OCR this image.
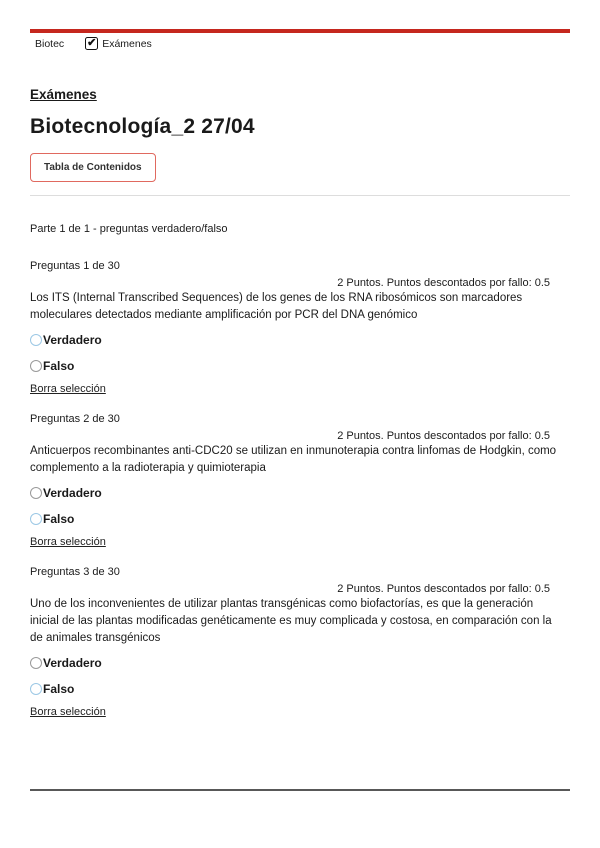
Biotec ✔ Exámenes
Exámenes
Biotecnología_2 27/04
Tabla de Contenidos
Parte 1 de 1 - preguntas verdadero/falso
Preguntas 1 de 30
2 Puntos. Puntos descontados por fallo: 0.5
Los ITS (Internal Transcribed Sequences) de los genes de los RNA ribosómicos son marcadores moleculares detectados mediante amplificación por PCR del DNA genómico
Verdadero
Falso
Borra selección
Preguntas 2 de 30
2 Puntos. Puntos descontados por fallo: 0.5
Anticuerpos recombinantes anti-CDC20 se utilizan en inmunoterapia contra linfomas de Hodgkin, como complemento a la radioterapia y quimioterapia
Verdadero
Falso
Borra selección
Preguntas 3 de 30
2 Puntos. Puntos descontados por fallo: 0.5
Uno de los inconvenientes de utilizar plantas transgénicas como biofactorías, es que la generación inicial de las plantas modificadas genéticamente es muy complicada y costosa, en comparación con la de animales transgénicos
Verdadero
Falso
Borra selección
